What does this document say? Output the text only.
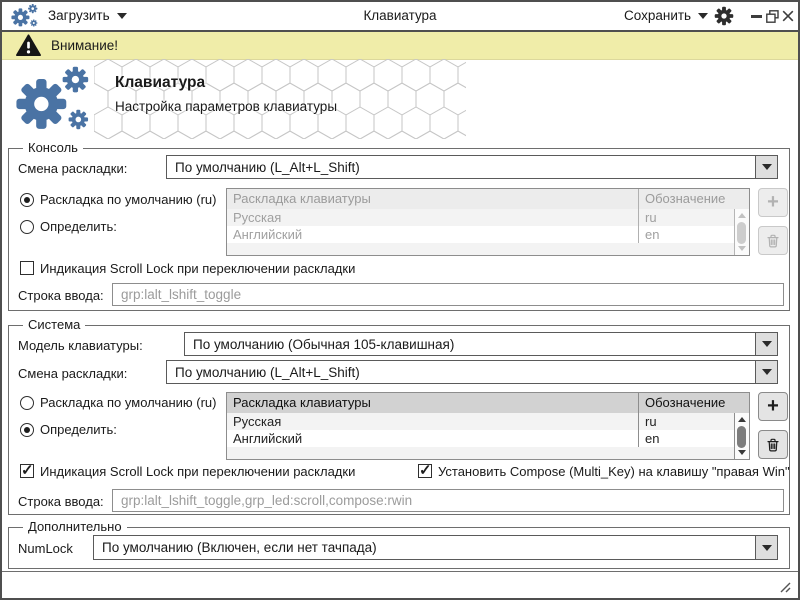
Загрузить	Клавиатура	Сохранить
Внимание!
Клавиатура
Настройка параметров клавиатуры
Консоль
Смена раскладки:	По умолчанию (L_Alt+L_Shift)
Раскладка по умолчанию (ru)
Определить:
Раскладка клавиатуры	Обозначение
Русская	ru
Английский	en
+
Индикация Scroll Lock при переключении раскладки
Строка ввода:	grp:lalt_lshift_toggle
Система
Модель клавиатуры:	По умолчанию (Обычная 105-клавишная)
Смена раскладки:	По умолчанию (L_Alt+L_Shift)
Раскладка по умолчанию (ru)
Определить:
Раскладка клавиатуры	Обозначение
Русская	ru
Английский	en
+
✓ Индикация Scroll Lock при переключении раскладки	✓ Установить Compose (Multi_Key) на клавишу "правая Win"
Строка ввода:	grp:lalt_lshift_toggle,grp_led:scroll,compose:rwin
Дополнительно
NumLock	По умолчанию (Включен, если нет тачпада)
